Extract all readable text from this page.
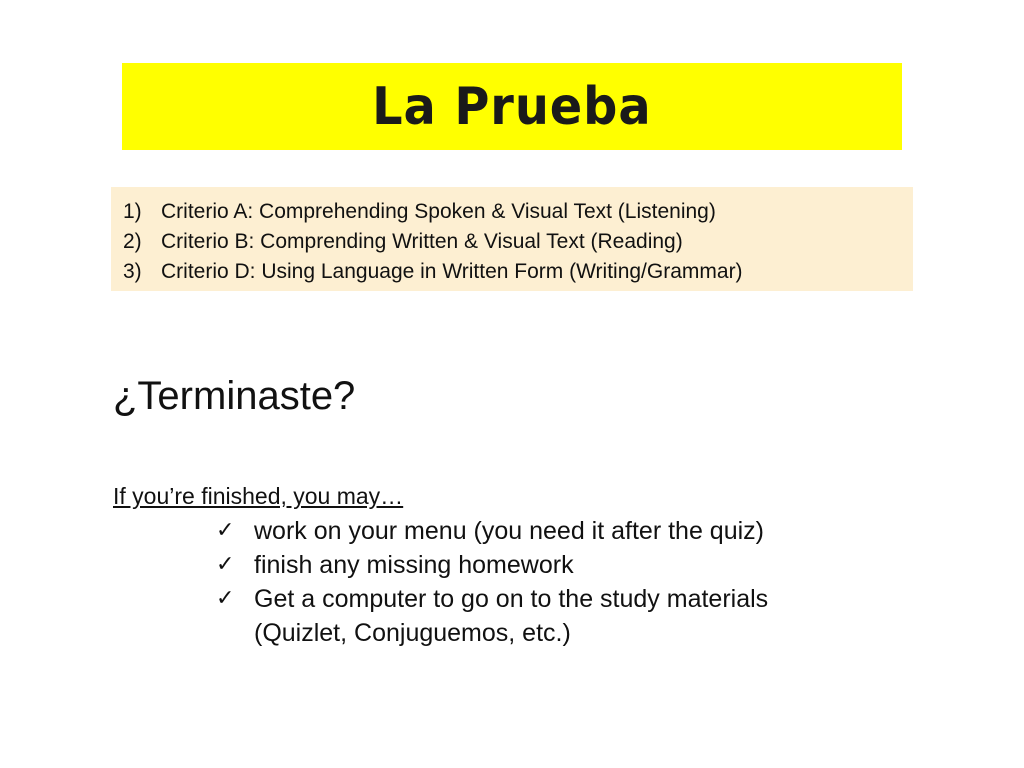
La Prueba
1) Criterio A: Comprehending Spoken & Visual Text (Listening)
2) Criterio B: Comprending Written & Visual Text (Reading)
3) Criterio D: Using Language in Written Form (Writing/Grammar)
¿Terminaste?
If you’re finished, you may…
✓ work on your menu (you need it after the quiz)
✓ finish any missing homework
✓ Get a computer to go on to the study materials
(Quizlet, Conjuguemos, etc.)
